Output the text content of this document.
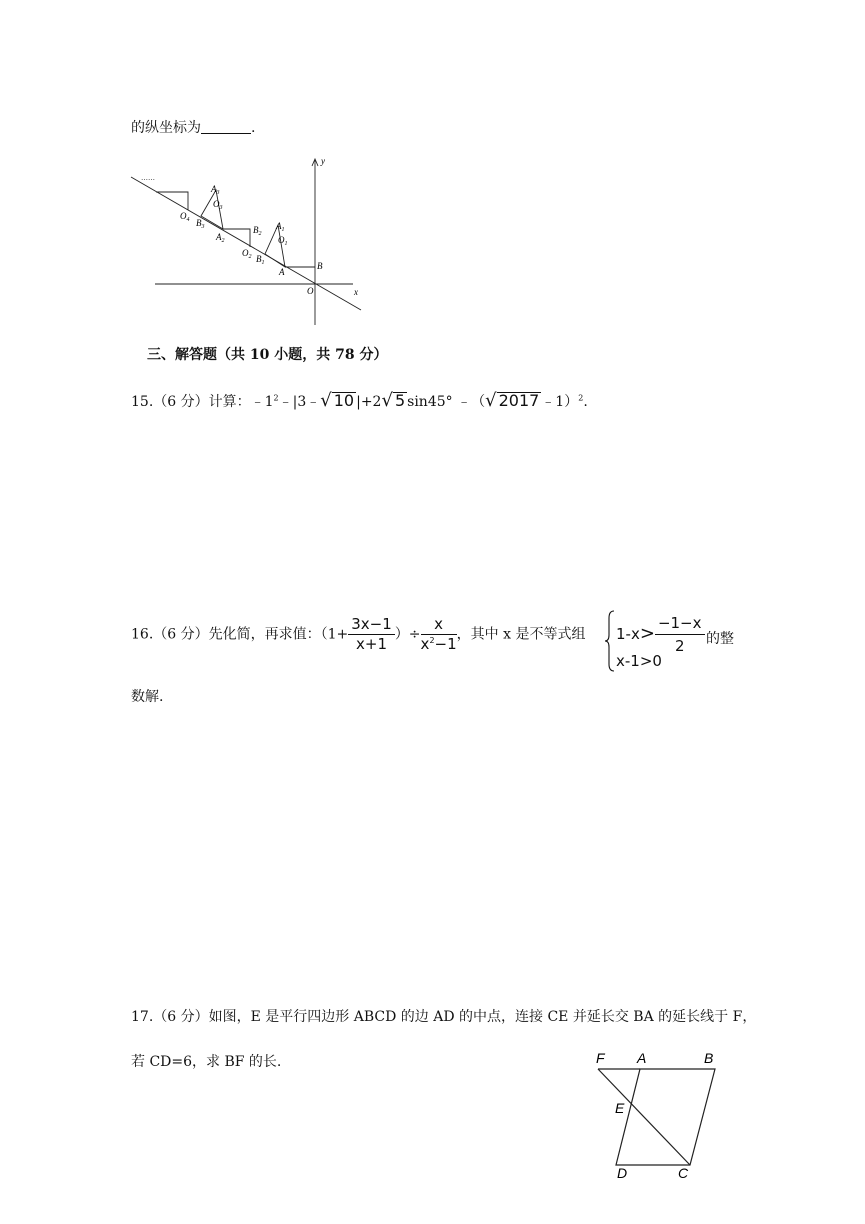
的纵坐标为	.
y
x
O
B
A
$A_1$
$O_1$
$B_1$
$O_2$
$B_2$
$A_2$
$A_3$
$O_3$
$B_3$
$O_4$
……
三、解答题（共 10 小题，共 78 分）
15.（6 分）计算：$﹣1^2﹣|3﹣√$ 10 |+2√ 5 sin45° ﹣（√ 2017 ﹣1）$^2$.
16.（6 分）先化简，再求值：（$1+ \frac{3x-1}{x+1}$ ）÷ $\frac{x}{x^2-1}$ ，其中 x 是不等式组 $1-x> \frac{-1-x}{2}$
x-1>0
的整
数解.
17.（6 分）如图，E 是平行四边形 ABCD 的边 AD 的中点，连接 CE 并延长交 BA 的延长线于 F，
若 CD=6，求 BF 的长.	F A	B
E
D	C
